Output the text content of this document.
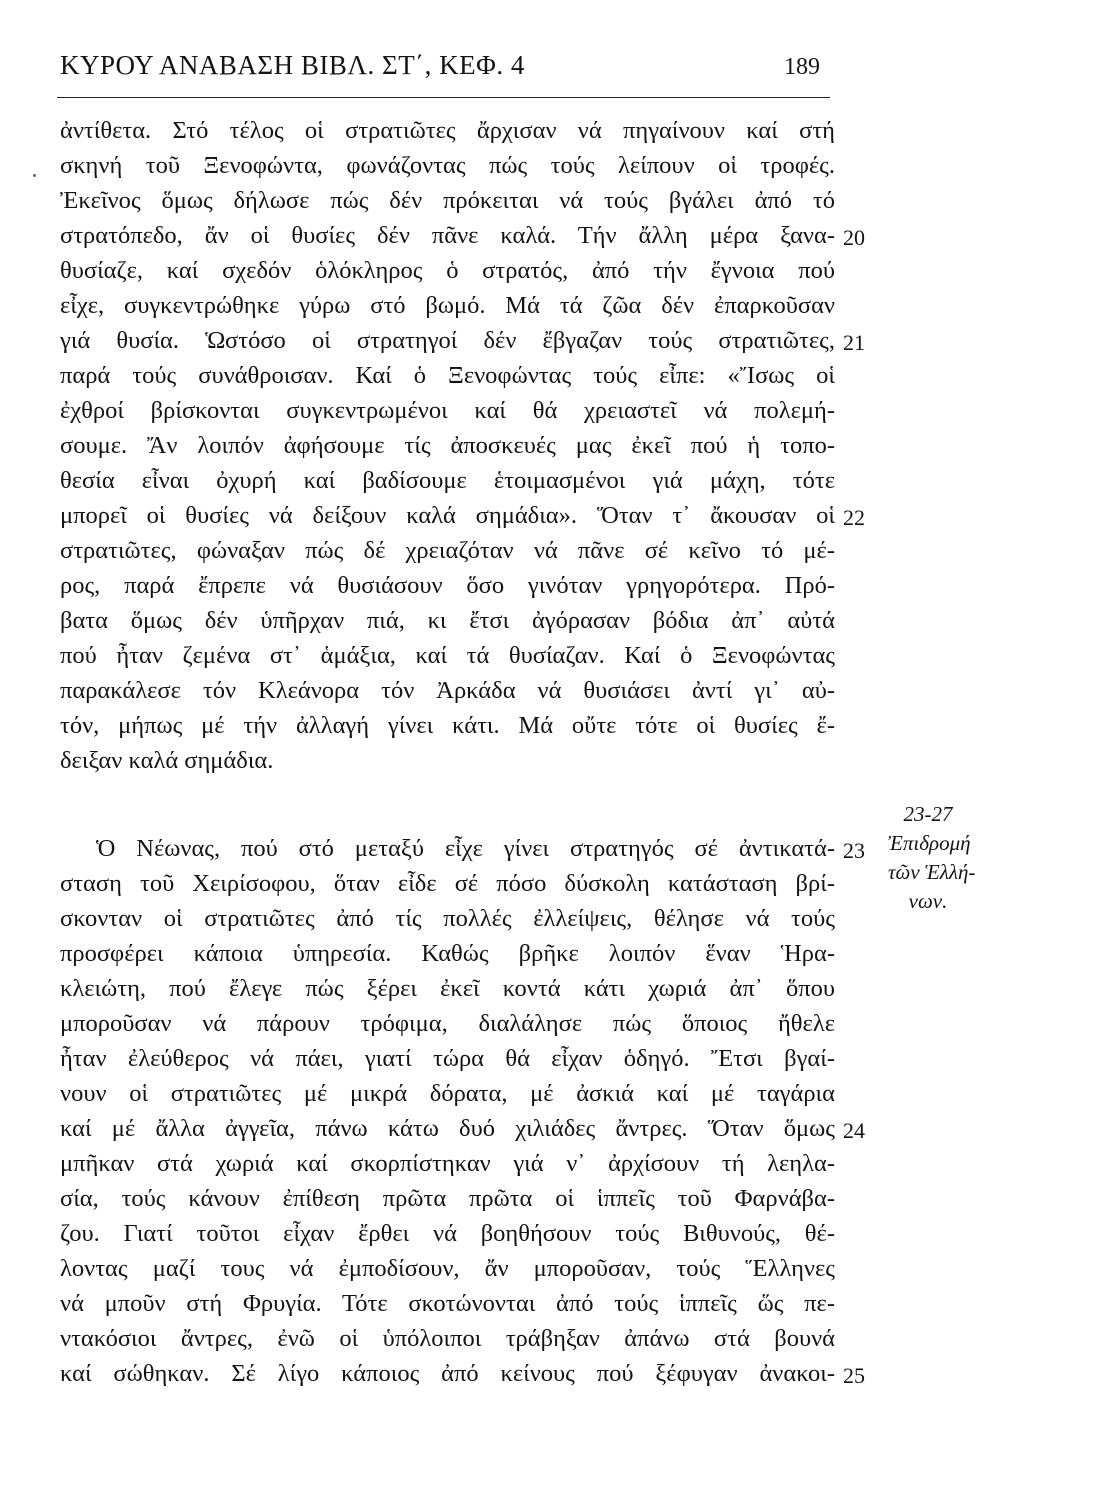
ΚΥΡΟΥ ΑΝΑΒΑΣΗ ΒΙΒΛ. ΣΤ΄, ΚΕΦ. 4	189
ἀντίθετα. Στό τέλος οἱ στρατιῶτες ἄρχισαν νά πηγαίνουν καί στή
σκηνή τοῦ Ξενοφώντα, φωνάζοντας πώς τούς λείπουν οἱ τροφές.
Ἐκεῖνος ὅμως δήλωσε πώς δέν πρόκειται νά τούς βγάλει ἀπό τό
στρατόπεδο, ἄν οἱ θυσίες δέν πᾶνε καλά. Τήν ἄλλη μέρα ξανα-
θυσίαζε, καί σχεδόν ὁλόκληρος ὁ στρατός, ἀπό τήν ἔγνοια πού
εἶχε, συγκεντρώθηκε γύρω στό βωμό. Μά τά ζῶα δέν ἐπαρκοῦσαν
γιά θυσία. Ὡστόσο οἱ στρατηγοί δέν ἔβγαζαν τούς στρατιῶτες,
παρά τούς συνάθροισαν. Καί ὁ Ξενοφώντας τούς εἶπε: «Ἴσως οἱ
ἐχθροί βρίσκονται συγκεντρωμένοι καί θά χρειαστεῖ νά πολεμή-
σουμε. Ἄν λοιπόν ἀφήσουμε τίς ἀποσκευές μας ἐκεῖ πού ἡ τοπο-
θεσία εἶναι ὀχυρή καί βαδίσουμε ἑτοιμασμένοι γιά μάχη, τότε
μπορεῖ οἱ θυσίες νά δείξουν καλά σημάδια». Ὅταν τ᾿ ἄκουσαν οἱ
στρατιῶτες, φώναξαν πώς δέ χρειαζόταν νά πᾶνε σέ κεῖνο τό μέ-
ρος, παρά ἔπρεπε νά θυσιάσουν ὅσο γινόταν γρηγορότερα. Πρό-
βατα ὅμως δέν ὑπῆρχαν πιά, κι ἔτσι ἀγόρασαν βόδια ἀπ᾿ αὐτά
πού ἦταν ζεμένα στ᾿ ἁμάξια, καί τά θυσίαζαν. Καί ὁ Ξενοφώντας
παρακάλεσε τόν Κλεάνορα τόν Ἀρκάδα νά θυσιάσει ἀντί γι᾿ αὐ-
τόν, μήπως μέ τήν ἀλλαγή γίνει κάτι. Μά οὔτε τότε οἱ θυσίες ἔ-
δειξαν καλά σημάδια.
Ὁ Νέωνας, πού στό μεταξύ εἶχε γίνει στρατηγός σέ ἀντικατά-
σταση τοῦ Χειρίσοφου, ὅταν εἶδε σέ πόσο δύσκολη κατάσταση βρί-
σκονταν οἱ στρατιῶτες ἀπό τίς πολλές ἐλλείψεις, θέλησε νά τούς
προσφέρει κάποια ὑπηρεσία. Καθώς βρῆκε λοιπόν ἕναν Ἡρα-
κλειώτη, πού ἔλεγε πώς ξέρει ἐκεῖ κοντά κάτι χωριά ἀπ᾿ ὅπου
μποροῦσαν νά πάρουν τρόφιμα, διαλάλησε πώς ὅποιος ἤθελε
ἦταν ἐλεύθερος νά πάει, γιατί τώρα θά εἶχαν ὁδηγό. Ἔτσι βγαί-
νουν οἱ στρατιῶτες μέ μικρά δόρατα, μέ ἀσκιά καί μέ ταγάρια
καί μέ ἄλλα ἀγγεῖα, πάνω κάτω δυό χιλιάδες ἄντρες. Ὅταν ὅμως
μπῆκαν στά χωριά καί σκορπίστηκαν γιά ν᾿ ἀρχίσουν τή λεηλα-
σία, τούς κάνουν ἐπίθεση πρῶτα πρῶτα οἱ ἱππεῖς τοῦ Φαρνάβα-
ζου. Γιατί τοῦτοι εἶχαν ἔρθει νά βοηθήσουν τούς Βιθυνούς, θέ-
λοντας μαζί τους νά ἐμποδίσουν, ἄν μποροῦσαν, τούς Ἕλληνες
νά μποῦν στή Φρυγία. Τότε σκοτώνονται ἀπό τούς ἱππεῖς ὥς πε-
ντακόσιοι ἄντρες, ἐνῶ οἱ ὑπόλοιποι τράβηξαν ἀπάνω στά βουνά
καί σώθηκαν. Σέ λίγο κάποιος ἀπό κείνους πού ξέφυγαν ἀνακοι-
20
21
22
23
24
25
23-27
Ἐπιδρομή
τῶν Ἑλλή-
νων.
